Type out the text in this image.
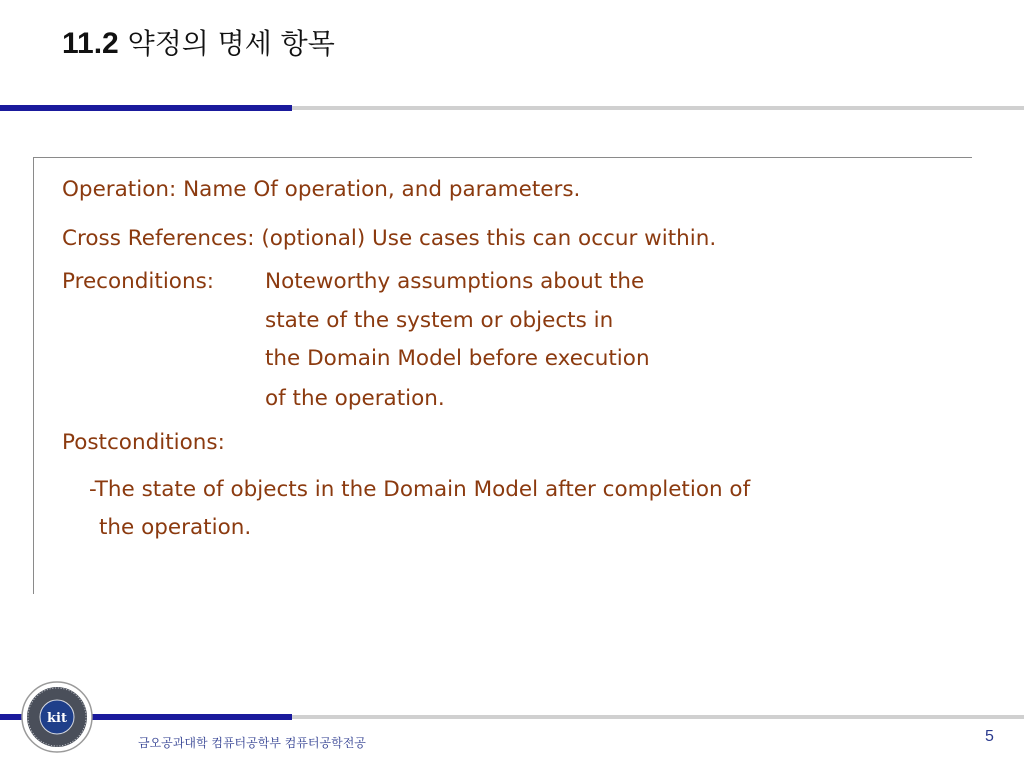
11.2 약정의 명세 항목

Operation: Name Of operation, and parameters.

Cross References: (optional) Use cases this can occur within.

Preconditions: Noteworthy assumptions about the

state of the system or objects in

the Domain Model before execution

of the operation.

Postconditions:

-The state of objects in the Domain Model after completion of

the operation.

kit
금오공과대학 컴퓨터공학부 컴퓨터공학전공	5
